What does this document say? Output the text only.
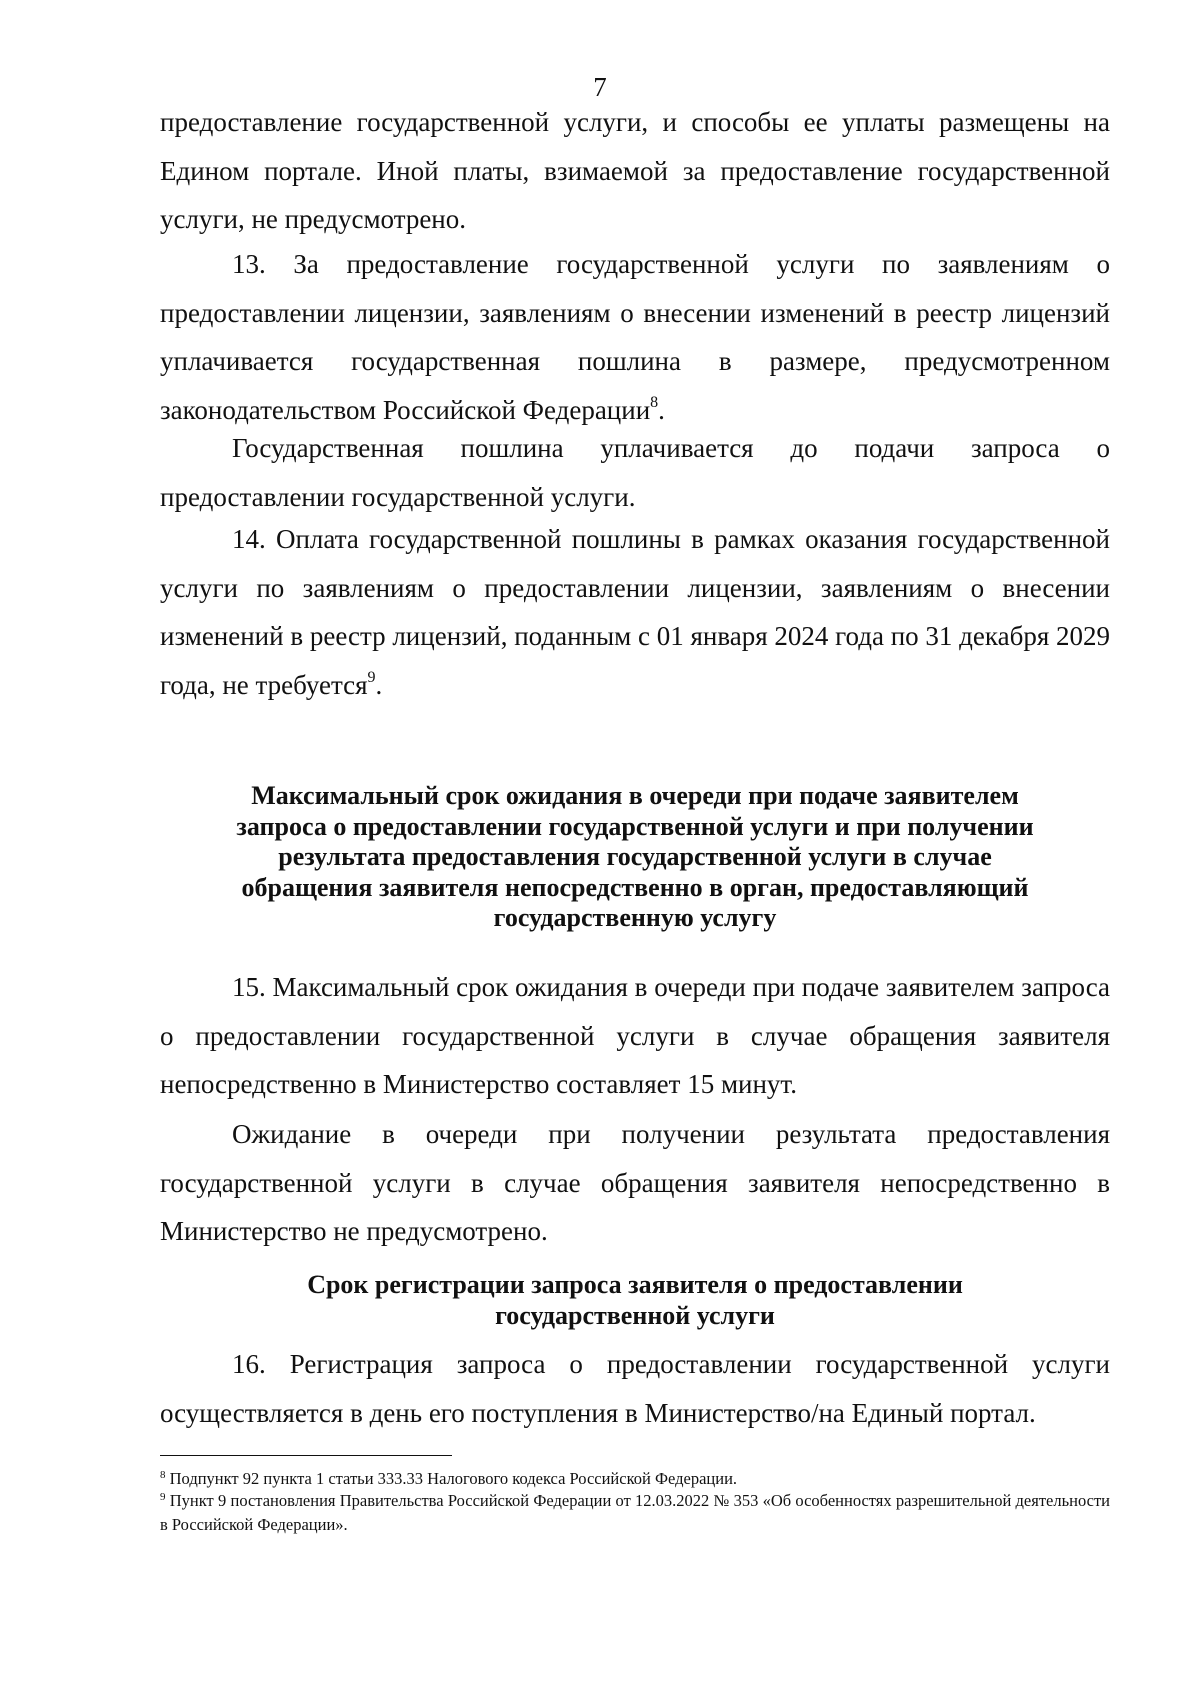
7
предоставление государственной услуги, и способы ее уплаты размещены на Едином портале. Иной платы, взимаемой за предоставление государственной услуги, не предусмотрено.
13. За предоставление государственной услуги по заявлениям о предоставлении лицензии, заявлениям о внесении изменений в реестр лицензий уплачивается государственная пошлина в размере, предусмотренном законодательством Российской Федерации$^8$.
Государственная пошлина уплачивается до подачи запроса о предоставлении государственной услуги.
14. Оплата государственной пошлины в рамках оказания государственной услуги по заявлениям о предоставлении лицензии, заявлениям о внесении изменений в реестр лицензий, поданным с 01 января 2024 года по 31 декабря 2029 года, не требуется$^9$.
Максимальный срок ожидания в очереди при подаче заявителем
запроса о предоставлении государственной услуги и при получении
результата предоставления государственной услуги в случае
обращения заявителя непосредственно в орган, предоставляющий
государственную услугу
15. Максимальный срок ожидания в очереди при подаче заявителем запроса о предоставлении государственной услуги в случае обращения заявителя непосредственно в Министерство составляет 15 минут.
Ожидание в очереди при получении результата предоставления государственной услуги в случае обращения заявителя непосредственно в Министерство не предусмотрено.
Срок регистрации запроса заявителя о предоставлении
государственной услуги
16. Регистрация запроса о предоставлении государственной услуги осуществляется в день его поступления в Министерство/на Единый портал.
$^8$ Подпункт 92 пункта 1 статьи 333.33 Налогового кодекса Российской Федерации.
$^9$ Пункт 9 постановления Правительства Российской Федерации от 12.03.2022 № 353 «Об особенностях разрешительной деятельности в Российской Федерации».
